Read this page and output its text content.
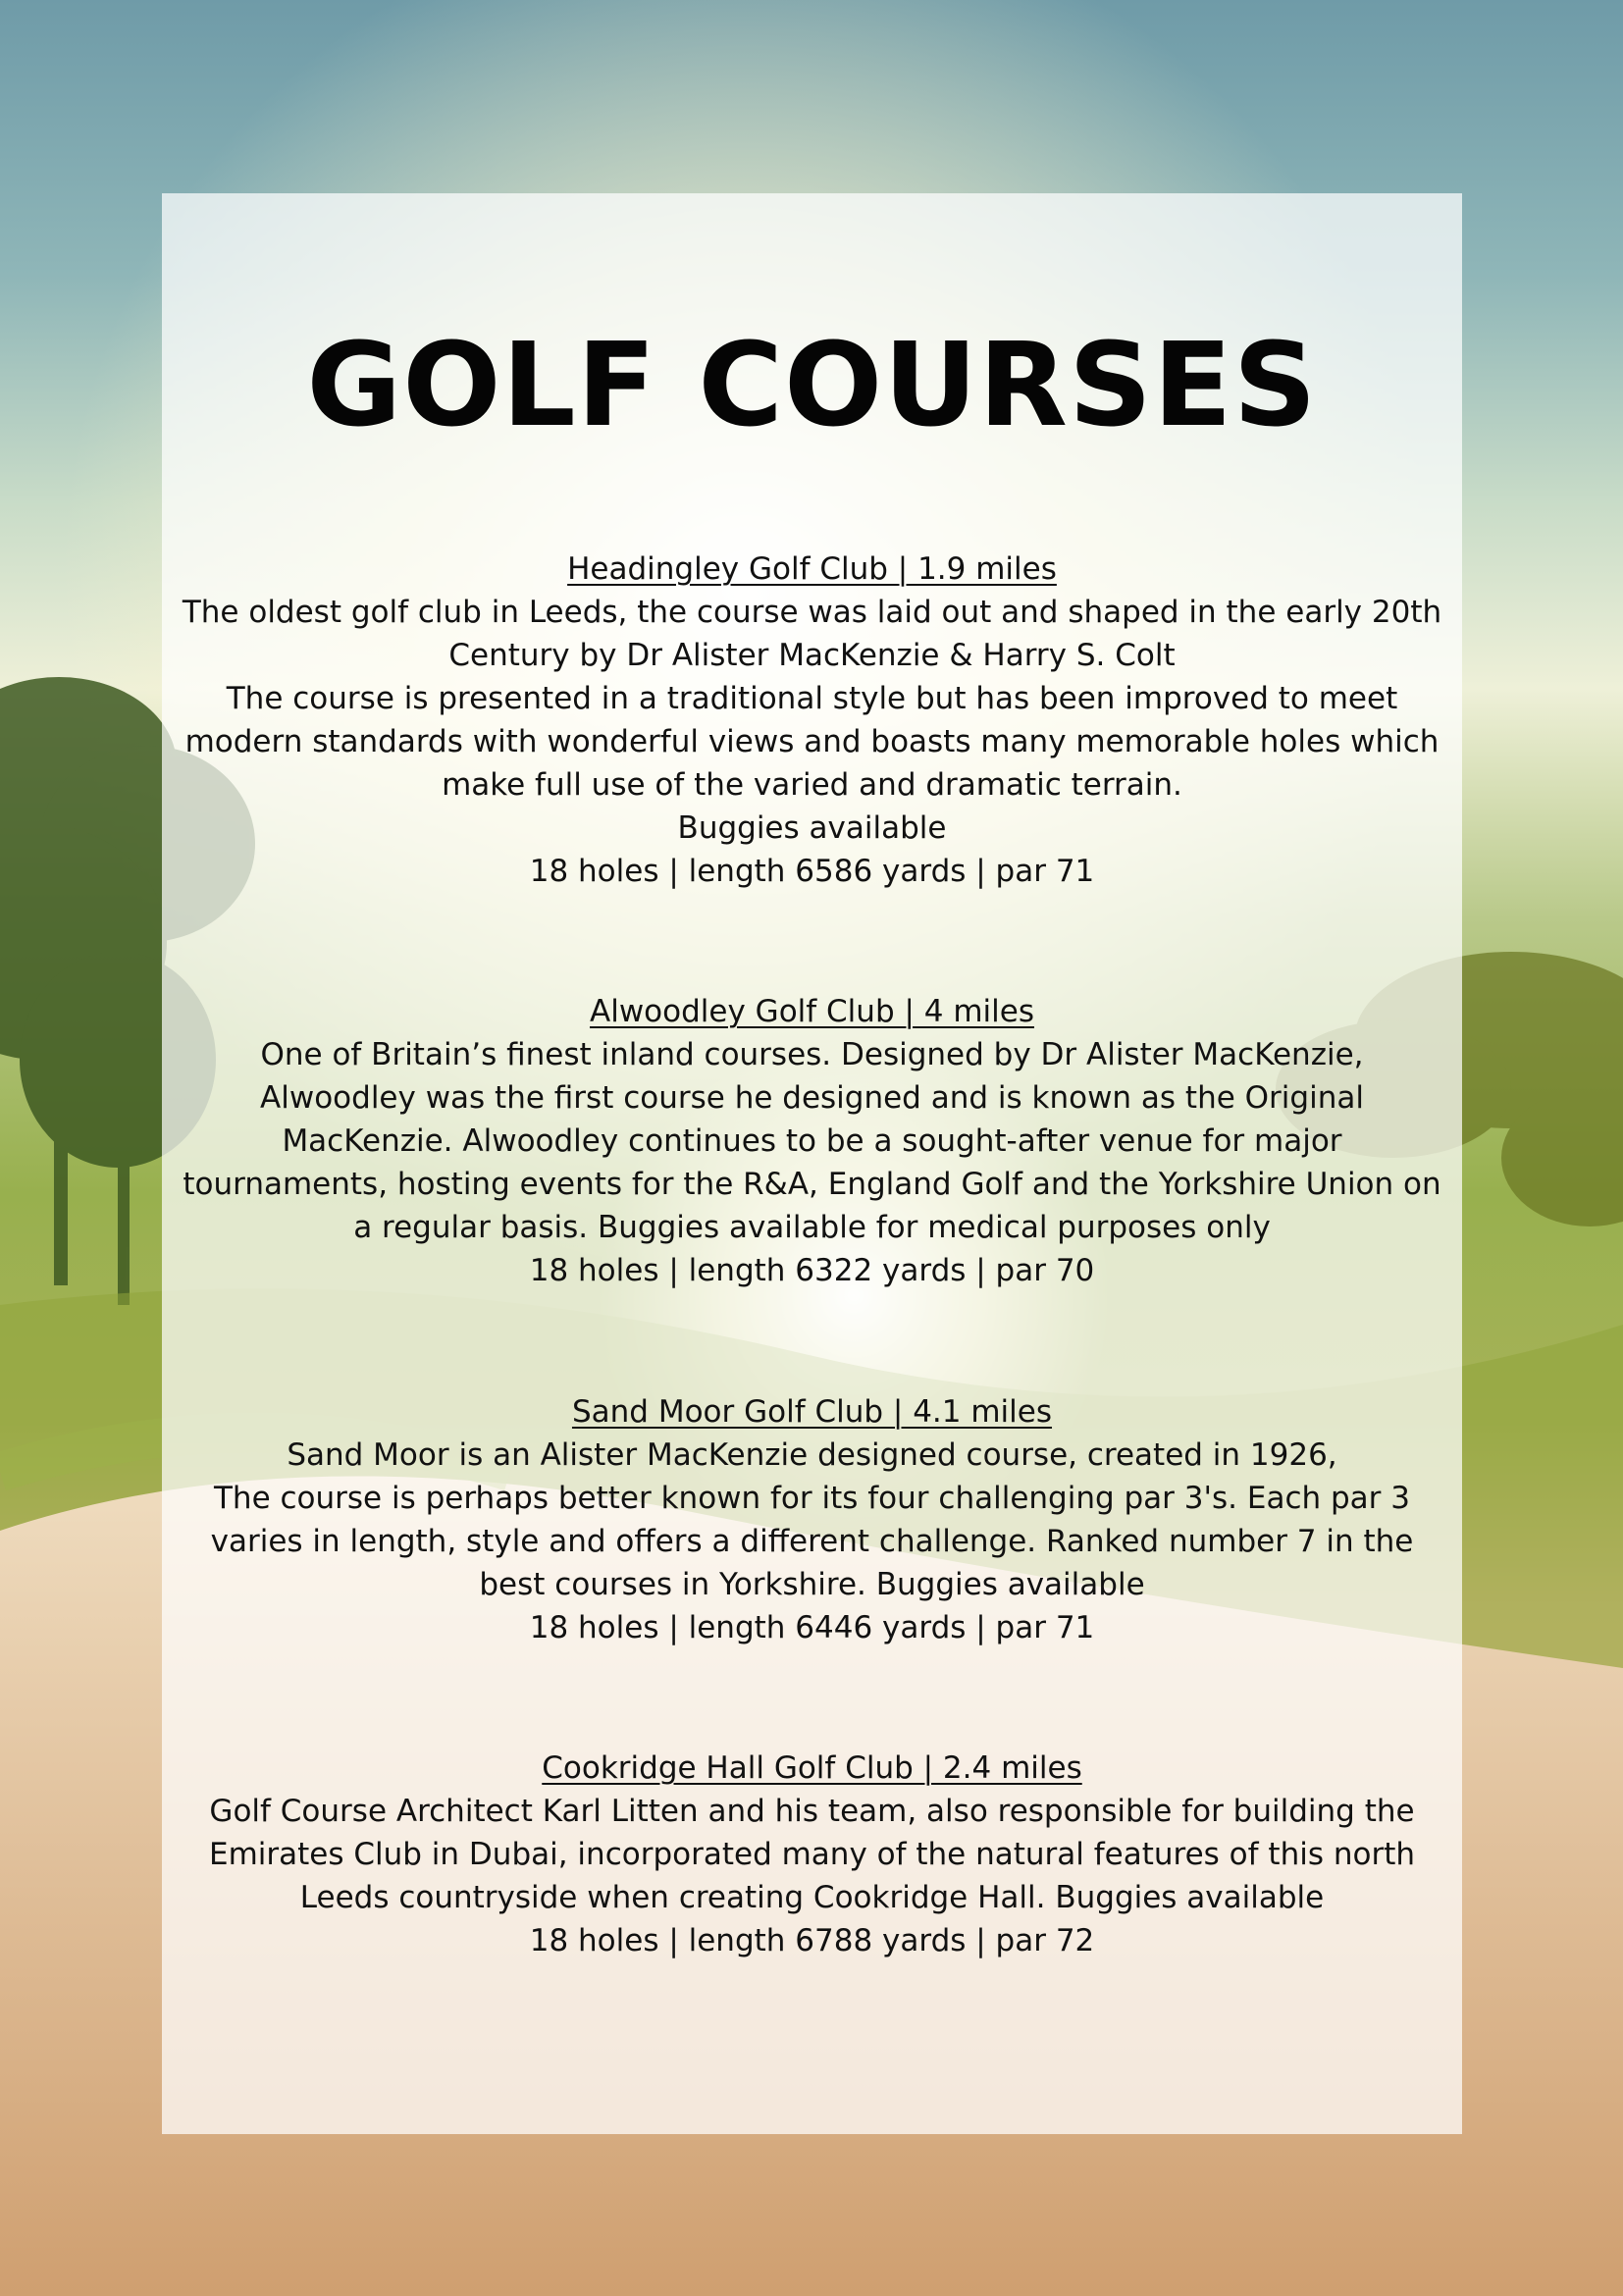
GOLF COURSES
Headingley Golf Club | 1.9 miles
The oldest golf club in Leeds, the course was laid out and shaped in the early 20th Century by Dr Alister MacKenzie & Harry S. Colt
The course is presented in a traditional style but has been improved to meet modern standards with wonderful views and boasts many memorable holes which make full use of the varied and dramatic terrain.
Buggies available
18 holes | length 6586 yards | par 71
Alwoodley Golf Club | 4 miles
One of Britain’s finest inland courses. Designed by Dr Alister MacKenzie, Alwoodley was the first course he designed and is known as the Original MacKenzie. Alwoodley continues to be a sought-after venue for major tournaments, hosting events for the R&A, England Golf and the Yorkshire Union on a regular basis. Buggies available for medical purposes only
18 holes | length 6322 yards | par 70
Sand Moor Golf Club | 4.1 miles
Sand Moor is an Alister MacKenzie designed course, created in 1926,
The course is perhaps better known for its four challenging par 3's. Each par 3 varies in length, style and offers a different challenge. Ranked number 7 in the best courses in Yorkshire. Buggies available
18 holes | length 6446 yards | par 71
Cookridge Hall Golf Club | 2.4 miles
Golf Course Architect Karl Litten and his team, also responsible for building the Emirates Club in Dubai, incorporated many of the natural features of this north Leeds countryside when creating Cookridge Hall. Buggies available
18 holes | length 6788 yards | par 72
